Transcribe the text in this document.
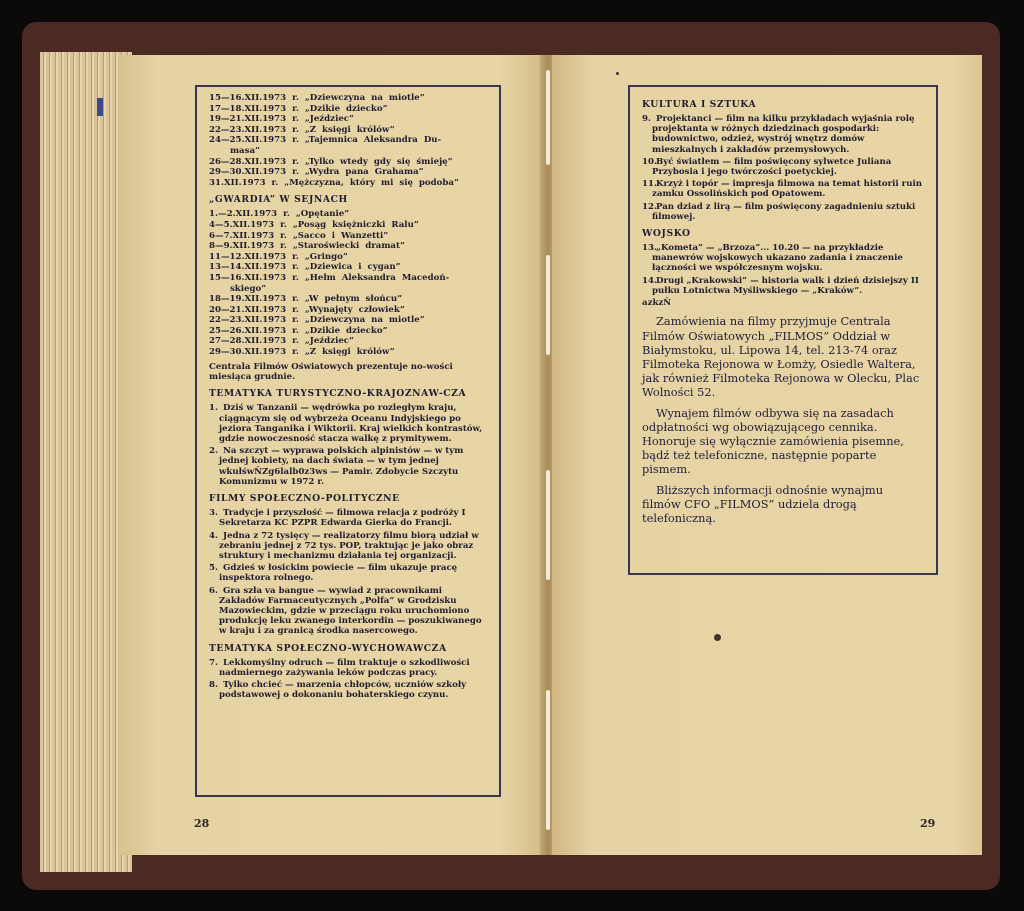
15—16.XII.1973  r.  „Dziewczyna  na  miotle”
17—18.XII.1973  r.  „Dzikie  dziecko”
19—21.XII.1973  r.  „Jeździec”
22—23.XII.1973  r.  „Z  księgi  królów”
24—25.XII.1973  r.  „Tajemnica  Aleksandra  Du-
masa”
26—28.XII.1973  r.  „Tylko  wtedy  gdy  się  śmieję”
29—30.XII.1973  r.  „Wydra  pana  Grahama”
31.XII.1973  r.  „Mężczyzna,  który  mi  się  podoba”
„GWARDIA” W SEJNACH
1.—2.XII.1973  r.  „Opętanie”
4—5.XII.1973  r.  „Posąg  księżniczki  Ralu”
6—7.XII.1973  r.  „Sacco  i  Wanzetti”
8—9.XII.1973  r.  „Staroświecki  dramat”
11—12.XII.1973  r.  „Gringo”
13—14.XII.1973  r.  „Dziewica  i  cygan”
15—16.XII.1973  r.  „Hełm  Aleksandra  Macedoń-
skiego”
18—19.XII.1973  r.  „W  pełnym  słońcu”
20—21.XII.1973  r.  „Wynajęty  człowiek”
22—23.XII.1973  r.  „Dziewczyna  na  miotle”
25—26.XII.1973  r.  „Dzikie  dziecko”
27—28.XII.1973  r.  „Jeździec”
29—30.XII.1973  r.  „Z  księgi  królów”

Centrala Filmów Oświatowych prezentuje no-wości miesiąca grudnie.

TEMATYKA TURYSTYCZNO-KRAJOZNAW-CZA

1. Dziś w Tanzanii — wędrówka po rozległym kraju, ciągnącym się od wybrzeża Oceanu Indyjskiego po jeziora Tanganika i Wiktorii. Kraj wielkich kontrastów, gdzie nowoczesność stacza walkę z prymitywem.

2. Na szczyt — wyprawa polskich alpinistów — w tym jednej kobiety, na dach świata — w tym jednej wkułśwŇZg6lalb0z3ws — Pamir. Zdobycie Szczytu Komunizmu w 1972 r.

FILMY SPOŁECZNO-POLITYCZNE

3. Tradycje i przyszłość — filmowa relacja z podróży I Sekretarza KC PZPR Edwarda Gierka do Francji.

4. Jedna z 72 tysięcy — realizatorzy filmu biorą udział w zebraniu jednej z 72 tys. POP, traktując je jako obraz struktury i mechanizmu działania tej organizacji.

5. Gdzieś w łosickim powiecie — film ukazuje pracę inspektora rolnego.

6. Gra szła va bangue — wywiad z pracownikami Zakładów Farmaceutycznych „Polfa” w Grodzisku Mazowieckim, gdzie w przeciągu roku uruchomiono produkcję leku zwanego interkordin — poszukiwanego w kraju i za granicą środka nasercowego.

TEMATYKA SPOŁECZNO-WYCHOWAWCZA

7. Lekkomyślny odruch — film traktuje o szkodliwości nadmiernego zażywania leków podczas pracy.

8. Tylko chcieć — marzenia chłopców, uczniów szkoły podstawowej o dokonaniu bohaterskiego czynu.

28
KULTURA I SZTUKA

9. Projektanci — film na kilku przykładach wyjaśnia rolę projektanta w różnych dziedzinach gospodarki: budownictwo, odzież, wystrój wnętrz domów mieszkalnych i zakładów przemysłowych.

10.Być światłem — film poświęcony sylwetce Juliana Przybosia i jego twórczości poetyckiej.

11.Krzyż i topór — impresja filmowa na temat historii ruin zamku Ossolińskich pod Opatowem.

12.Pan dziad z lirą — film poświęcony zagadnieniu sztuki filmowej.

WOJSKO

13.„Kometa” — „Brzoza”... 10.20 — na przykładzie manewrów wojskowych ukazano zadania i znaczenie łączności we współczesnym wojsku.

14.Drugi „Krakowski” — historia walk i dzień dzisiejszy II pułku Lotnictwa Myśliwskiego — „Kraków”.

azkzŇ

Zamówienia na filmy przyjmuje Centrala Filmów Oświatowych „FILMOS” Oddział w Białymstoku, ul. Lipowa 14, tel. 213-74 oraz Filmoteka Rejonowa w Łomży, Osiedle Waltera, jak również Filmoteka Rejonowa w Olecku, Plac Wolności 52.

Wynajem filmów odbywa się na zasadach odpłatności wg obowiązującego cennika. Honoruje się wyłącznie zamówienia pisemne, bądź też telefoniczne, następnie poparte pismem.

Bliższych informacji odnośnie wynajmu filmów CFO „FILMOS” udziela drogą telefoniczną.

29
